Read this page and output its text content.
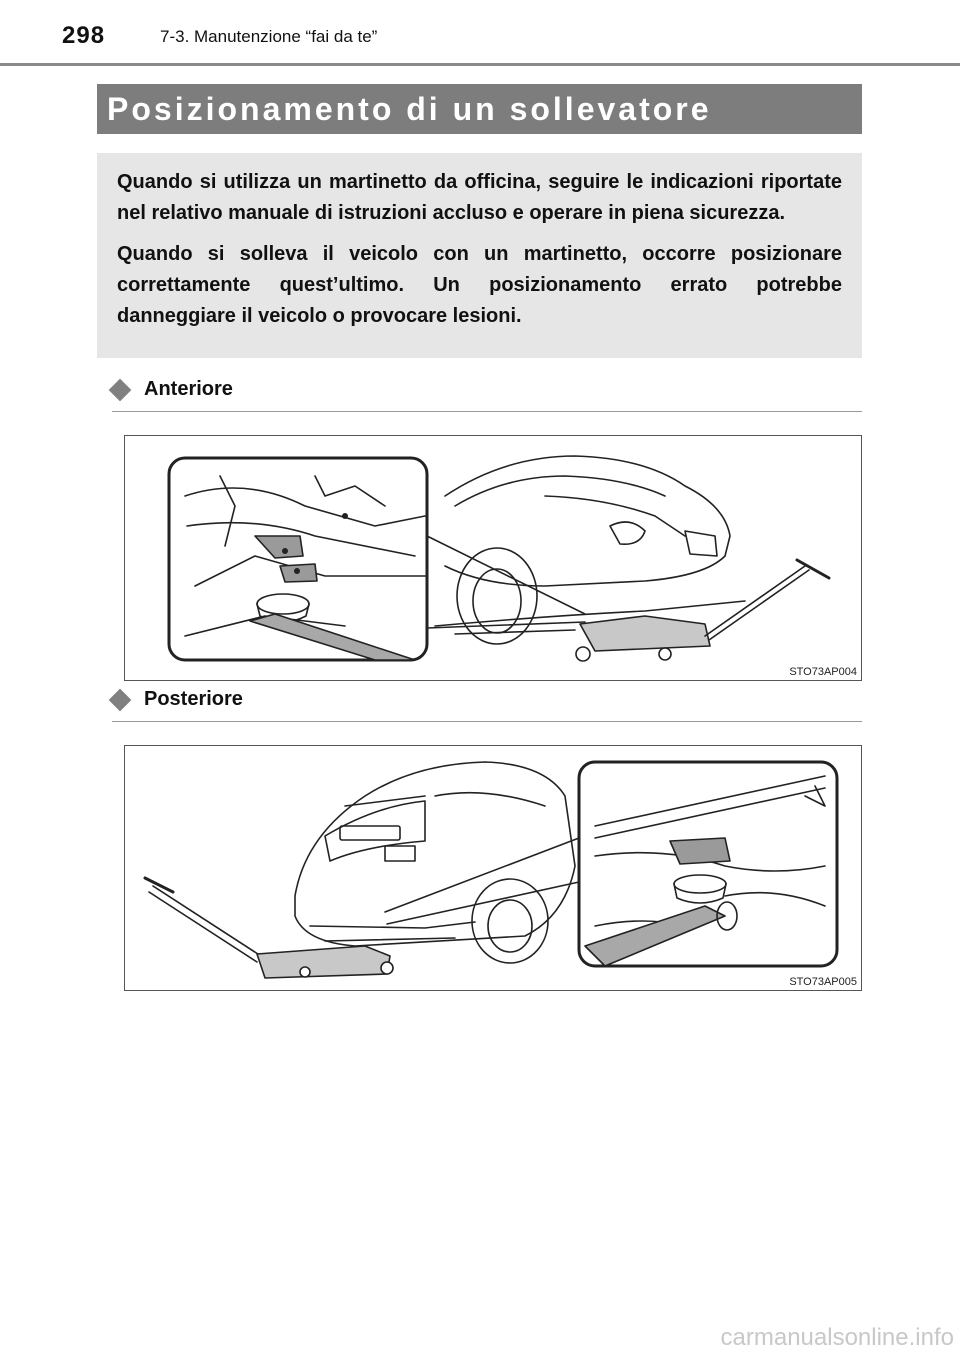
298	7-3. Manutenzione “fai da te”
Posizionamento di un sollevatore

Quando si utilizza un martinetto da officina, seguire le indicazioni riportate nel relativo manuale di istruzioni accluso e operare in piena sicurezza.

Quando si solleva il veicolo con un martinetto, occorre posizionare correttamente quest’ultimo. Un posizionamento errato potrebbe danneggiare il veicolo o provocare lesioni.

Anteriore
STO73AP004
Posteriore
STO73AP005
carmanualsonline.info
